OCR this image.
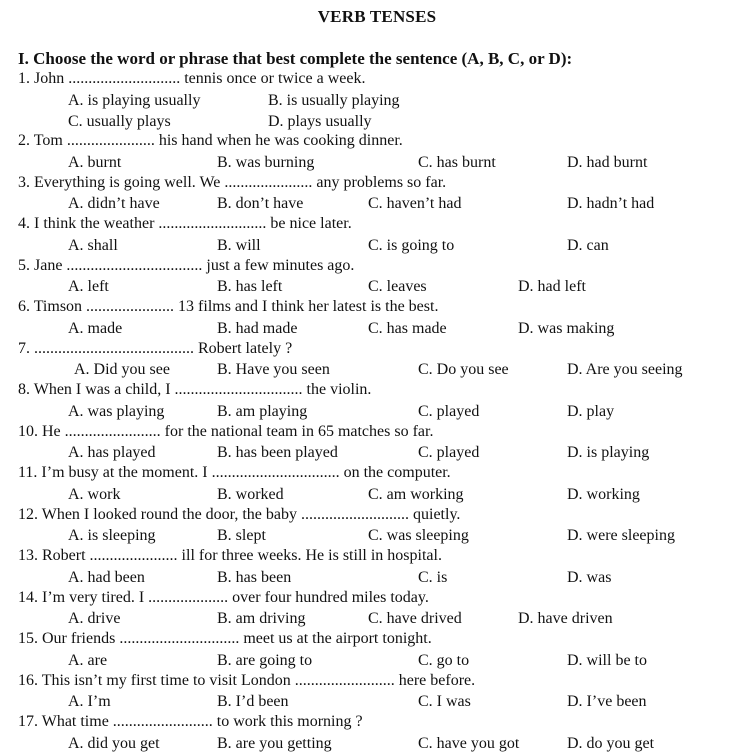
VERB TENSES
I. Choose the word or phrase that best complete the sentence (A, B, C, or D):
1. John ............................ tennis once or twice a week.
A. is playing usually	B. is usually playing
C. usually plays	D. plays usually
2. Tom ...................... his hand when he was cooking dinner.
A. burnt	B. was burning	C. has burnt	D. had burnt
3. Everything is going well. We ...................... any problems so far.
A. didn’t have	B. don’t have	C. haven’t had	D. hadn’t had
4. I think the weather ........................... be nice later.
A. shall	B. will	C. is going to	D. can
5. Jane .................................. just a few minutes ago.
A. left	B. has left	C. leaves	D. had left
6. Timson ...................... 13 films and I think her latest is the best.
A. made	B. had made	C. has made	D. was making
7. ........................................ Robert lately ?
A. Did you see	B. Have you seen	C. Do you see	D. Are you seeing
8. When I was a child, I ................................ the violin.
A. was playing	B. am playing	C. played	D. play
10. He ........................ for the national team in 65 matches so far.
A. has played	B. has been played	C. played	D. is playing
11. I’m busy at the moment. I ................................ on the computer.
A. work	B. worked	C. am working	D. working
12. When I looked round the door, the baby ........................... quietly.
A. is sleeping	B. slept	C. was sleeping	D. were sleeping
13. Robert ...................... ill for three weeks. He is still in hospital.
A. had been	B. has been	C. is	D. was
14. I’m very tired. I .................... over four hundred miles today.
A. drive	B. am driving	C. have drived	D. have driven
15. Our friends .............................. meet us at the airport tonight.
A. are	B. are going to	C. go to	D. will be to
16. This isn’t my first time to visit London ......................... here before.
A. I’m	B. I’d been	C. I was	D. I’ve been
17. What time ......................... to work this morning ?
A. did you get	B. are you getting	C. have you got	D. do you get
